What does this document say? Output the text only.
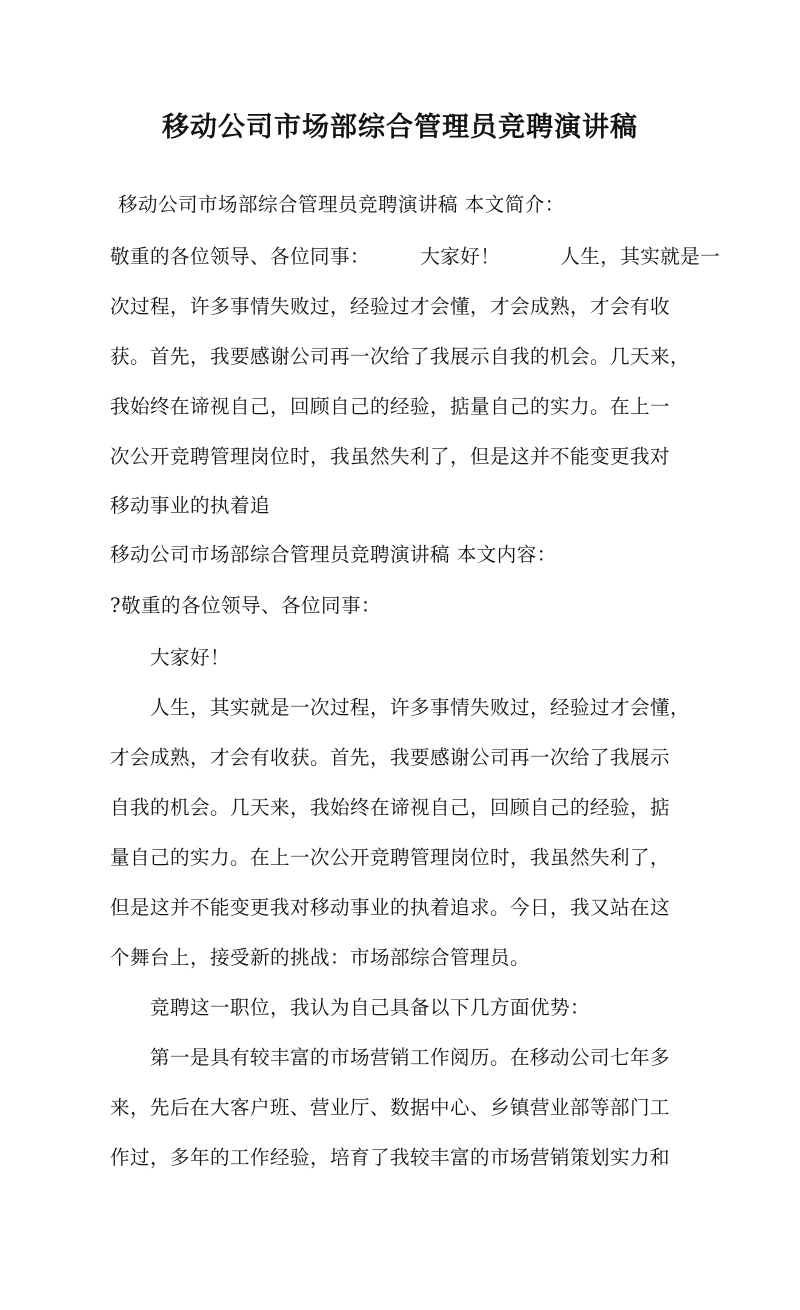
移动公司市场部综合管理员竞聘演讲稿
移动公司市场部综合管理员竞聘演讲稿 本文简介：
敬重的各位领导、各位同事：　　　大家好！　　　人生，其实就是一
次过程，许多事情失败过，经验过才会懂，才会成熟，才会有收
获。首先，我要感谢公司再一次给了我展示自我的机会。几天来，
我始终在谛视自己，回顾自己的经验，掂量自己的实力。在上一
次公开竞聘管理岗位时，我虽然失利了，但是这并不能变更我对
移动事业的执着追
移动公司市场部综合管理员竞聘演讲稿 本文内容：
?敬重的各位领导、各位同事：
大家好！
人生，其实就是一次过程，许多事情失败过，经验过才会懂，
才会成熟，才会有收获。首先，我要感谢公司再一次给了我展示
自我的机会。几天来，我始终在谛视自己，回顾自己的经验，掂
量自己的实力。在上一次公开竞聘管理岗位时，我虽然失利了，
但是这并不能变更我对移动事业的执着追求。今日，我又站在这
个舞台上，接受新的挑战：市场部综合管理员。
竞聘这一职位，我认为自己具备以下几方面优势：
第一是具有较丰富的市场营销工作阅历。在移动公司七年多
来，先后在大客户班、营业厅、数据中心、乡镇营业部等部门工
作过，多年的工作经验，培育了我较丰富的市场营销策划实力和
